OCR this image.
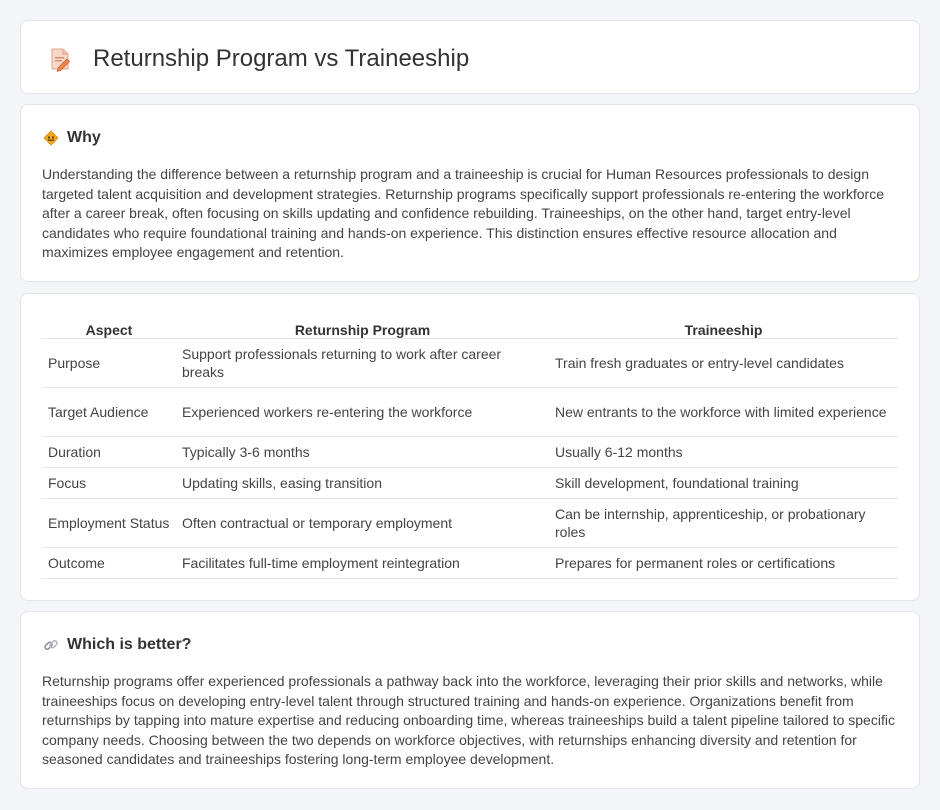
Returnship Program vs Traineeship
Why

Understanding the difference between a returnship program and a traineeship is crucial for Human Resources professionals to design targeted talent acquisition and development strategies. Returnship programs specifically support professionals re-entering the workforce after a career break, often focusing on skills updating and confidence rebuilding. Traineeships, on the other hand, target entry-level candidates who require foundational training and hands-on experience. This distinction ensures effective resource allocation and maximizes employee engagement and retention.

Aspect	Returnship Program	Traineeship
Purpose	Support professionals returning to work after career breaks	Train fresh graduates or entry-level candidates
Target Audience	Experienced workers re-entering the workforce	New entrants to the workforce with limited experience
Duration	Typically 3-6 months	Usually 6-12 months
Focus	Updating skills, easing transition	Skill development, foundational training
Employment Status	Often contractual or temporary employment	Can be internship, apprenticeship, or probationary roles
Outcome	Facilitates full-time employment reintegration	Prepares for permanent roles or certifications
Which is better?

Returnship programs offer experienced professionals a pathway back into the workforce, leveraging their prior skills and networks, while traineeships focus on developing entry-level talent through structured training and hands-on experience. Organizations benefit from returnships by tapping into mature expertise and reducing onboarding time, whereas traineeships build a talent pipeline tailored to specific company needs. Choosing between the two depends on workforce objectives, with returnships enhancing diversity and retention for seasoned candidates and traineeships fostering long-term employee development.
